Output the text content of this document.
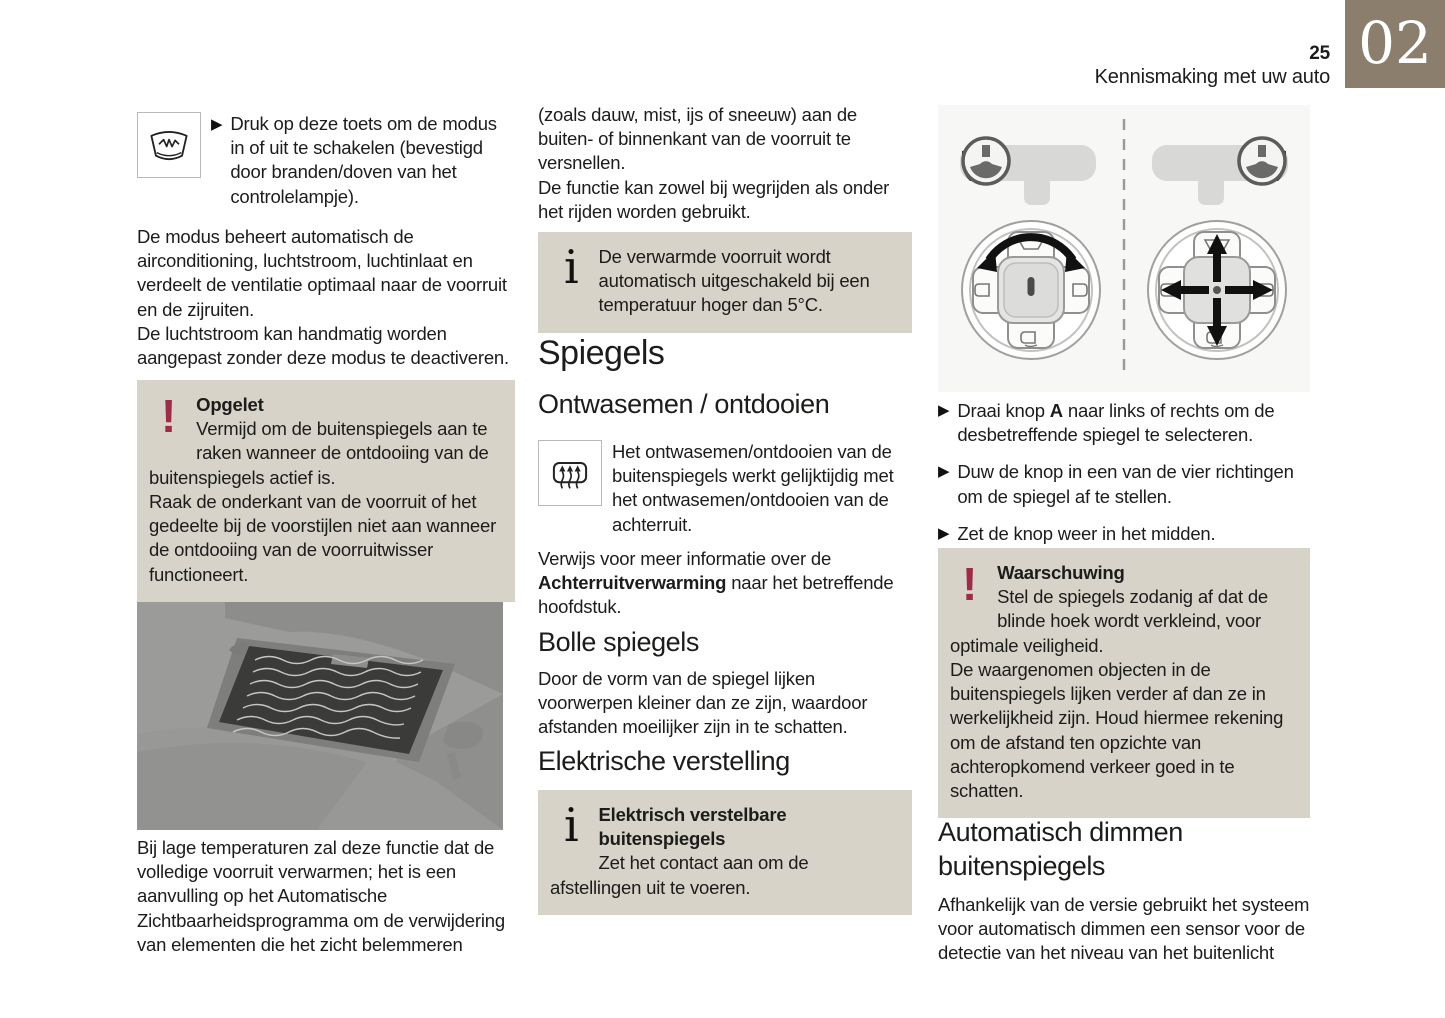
25
Kennismaking met uw auto 02
▶ Druk op deze toets om de modus in of uit te schakelen (bevestigd door branden/doven van het controlelampje).
De modus beheert automatisch de airconditioning, luchtstroom, luchtinlaat en verdeelt de ventilatie optimaal naar de voorruit en de zijruiten.
De luchtstroom kan handmatig worden aangepast zonder deze modus te deactiveren.
!	Opgelet
Vermijd om de buitenspiegels aan te raken wanneer de ontdooiing van de buitenspiegels actief is.
Raak de onderkant van de voorruit of het gedeelte bij de voorstijlen niet aan wanneer de ontdooiing van de voorruitwisser functioneert.
Bij lage temperaturen zal deze functie dat de volledige voorruit verwarmen; het is een aanvulling op het Automatische Zichtbaarheidsprogramma om de verwijdering van elementen die het zicht belemmeren
(zoals dauw, mist, ijs of sneeuw) aan de buiten- of binnenkant van de voorruit te versnellen.
De functie kan zowel bij wegrijden als onder het rijden worden gebruikt.
i	De verwarmde voorruit wordt automatisch uitgeschakeld bij een temperatuur hoger dan 5°C.
Spiegels
Ontwasemen / ontdooien
Het ontwasemen/ontdooien van de buitenspiegels werkt gelijktijdig met het ontwasemen/ontdooien van de achterruit.
Verwijs voor meer informatie over de Achterruitverwarming naar het betreffende hoofdstuk.
Bolle spiegels
Door de vorm van de spiegel lijken voorwerpen kleiner dan ze zijn, waardoor afstanden moeilijker zijn in te schatten.
Elektrische verstelling
i	Elektrisch verstelbare buitenspiegels
Zet het contact aan om de afstellingen uit te voeren.
▶ Draai knop A naar links of rechts om de desbetreffende spiegel te selecteren.
▶ Duw de knop in een van de vier richtingen om de spiegel af te stellen.
▶ Zet de knop weer in het midden.
!	Waarschuwing
Stel de spiegels zodanig af dat de blinde hoek wordt verkleind, voor optimale veiligheid.
De waargenomen objecten in de buitenspiegels lijken verder af dan ze in werkelijkheid zijn. Houd hiermee rekening om de afstand ten opzichte van achteropkomend verkeer goed in te schatten.
Automatisch dimmen buitenspiegels
Afhankelijk van de versie gebruikt het systeem voor automatisch dimmen een sensor voor de detectie van het niveau van het buitenlicht
